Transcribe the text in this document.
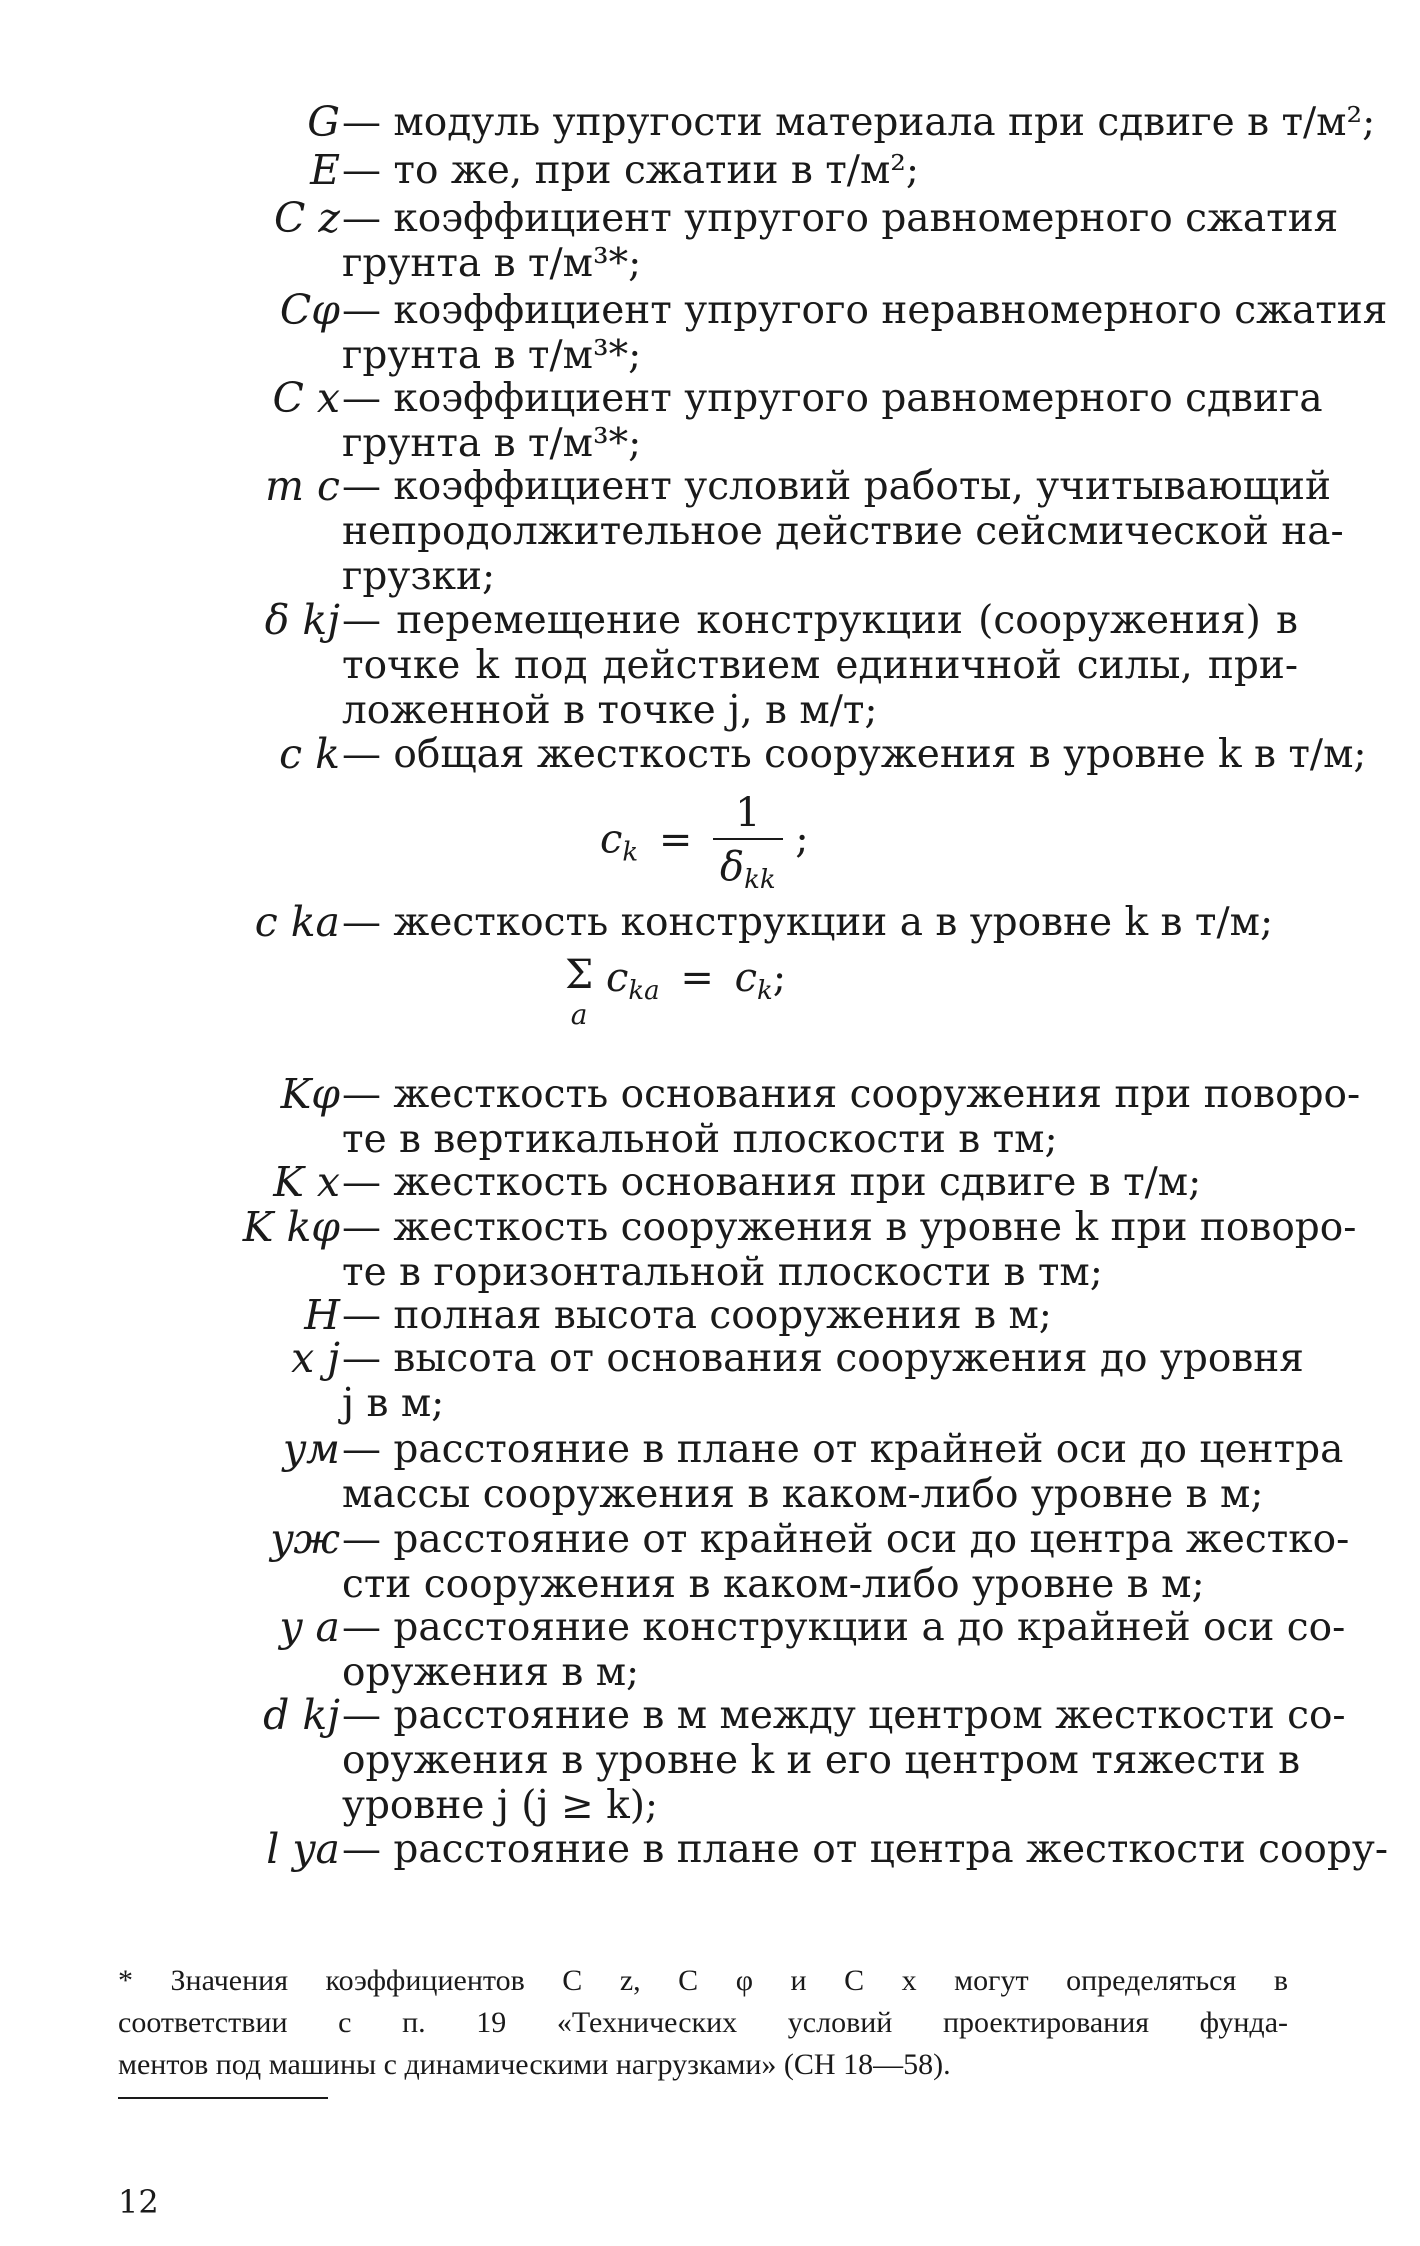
G — модуль упругости материала при сдвиге в т/м²;
E — то же, при сжатии в т/м²;
C z — коэффициент упругого равномерного сжатия
грунта в т/м³*;
Cφ — коэффициент упругого неравномерного сжатия
грунта в т/м³*;
C x — коэффициент упругого равномерного сдвига
грунта в т/м³*;
m c — коэффициент условий работы, учитывающий
непродолжительное действие сейсмической на-
грузки;
δ kj — перемещение конструкции (сооружения) в
точке k под действием единичной силы, при-
ложенной в точке j, в м/т;
c k — общая жесткость сооружения в уровне k в т/м;
$c_k = \frac{1}{\delta_{kk}}$ ;
c ka — жесткость конструкции a в уровне k в т/м;
Σ
a
$c_{ka} = c_k$;
Kφ — жесткость основания сооружения при поворо-
те в вертикальной плоскости в тм;
K x — жесткость основания при сдвиге в т/м;
K kφ — жесткость сооружения в уровне k при поворо-
те в горизонтальной плоскости в тм;
H — полная высота сооружения в м;
x j — высота от основания сооружения до уровня
j в м;
yм — расстояние в плане от крайней оси до центра
массы сооружения в каком-либо уровне в м;
yж — расстояние от крайней оси до центра жестко-
сти сооружения в каком-либо уровне в м;
y a — расстояние конструкции a до крайней оси со-
оружения в м;
d kj — расстояние в м между центром жесткости со-
оружения в уровне k и его центром тяжести в
уровне j (j ≥ k);
l ya — расстояние в плане от центра жесткости соору-
* Значения коэффициентов C z, C φ и C x могут определяться в
соответствии с п. 19 «Технических условий проектирования фунда-
ментов под машины с динамическими нагрузками» (СН 18—58).
12
